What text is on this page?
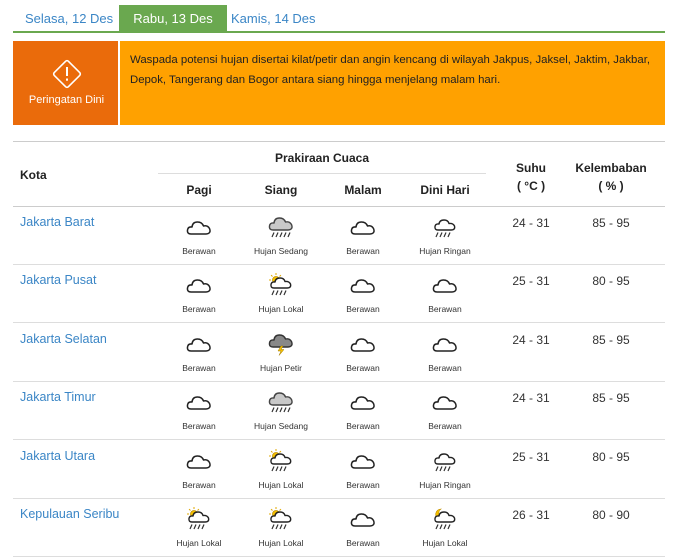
Selasa, 12 Des	Rabu, 13 Des	Kamis, 14 Des
Peringatan Dini
Waspada potensi hujan disertai kilat/petir dan angin kencang di wilayah Jakpus, Jaksel, Jaktim, Jakbar, Depok, Tangerang dan Bogor antara siang hingga menjelang malam hari.
Kota
Prakiraan Cuaca
Pagi	Siang	Malam	Dini Hari
Suhu
( °C )
Kelembaban
( % )
Jakarta Barat
Berawan	Hujan Sedang	Berawan	Hujan Ringan
24 - 31	85 - 95
Jakarta Pusat
Berawan	Hujan Lokal	Berawan	Berawan
25 - 31	80 - 95
Jakarta Selatan
Berawan	Hujan Petir	Berawan	Berawan
24 - 31	85 - 95
Jakarta Timur
Berawan	Hujan Sedang	Berawan	Berawan
24 - 31	85 - 95
Jakarta Utara
Berawan	Hujan Lokal	Berawan	Hujan Ringan
25 - 31	80 - 95
Kepulauan Seribu
Hujan Lokal	Hujan Lokal	Berawan	Hujan Lokal
26 - 31	80 - 90
